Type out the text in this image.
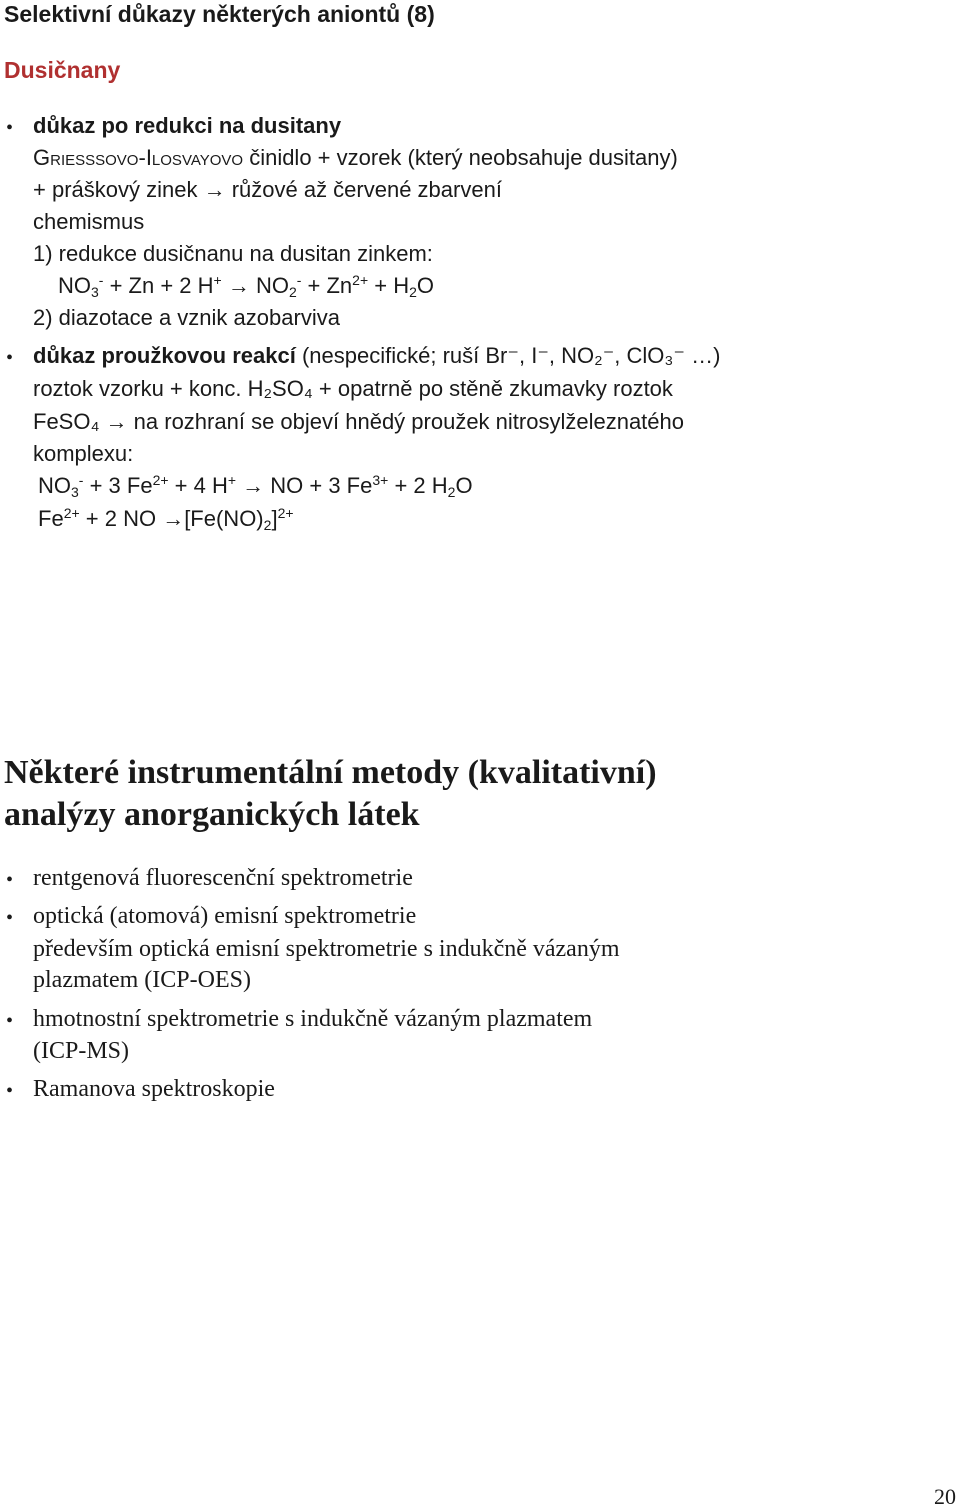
Selektivní důkazy některých aniontů (8)
Dusičnany
• důkaz po redukci na dusitany
Griesssovo-Ilosvayovo činidlo + vzorek (který neobsahuje dusitany)
+ práškový zinek → růžové až červené zbarvení
chemismus
1) redukce dusičnanu na dusitan zinkem:
$NO_3^- + Zn + 2$ $H^+ \to NO_2^- + Zn^{2+} + H_2O$
2) diazotace a vznik azobarviva
• důkaz proužkovou reakcí (nespecifické; ruší Br⁻, I⁻, NO₂⁻, ClO₃⁻ …)
roztok vzorku + konc. H₂SO₄ + opatrně po stěně zkumavky roztok
FeSO₄ → na rozhraní se objeví hnědý proužek nitrosylželeznatého
komplexu:
$NO_3^- + 3$ $Fe^{2+} + 4$ H+ → NO + 3 $Fe^{3+} + 2$ $H_2O$
$Fe^{2+} + 2$ NO $\to[Fe(NO)_2]^{2+}$
Některé instrumentální metody (kvalitativní)
analýzy anorganických látek
• rentgenová fluorescenční spektrometrie
• optická (atomová) emisní spektrometrie
především optická emisní spektrometrie s indukčně vázaným
plazmatem (ICP-OES)
• hmotnostní spektrometrie s indukčně vázaným plazmatem
(ICP-MS)
• Ramanova spektroskopie
20
